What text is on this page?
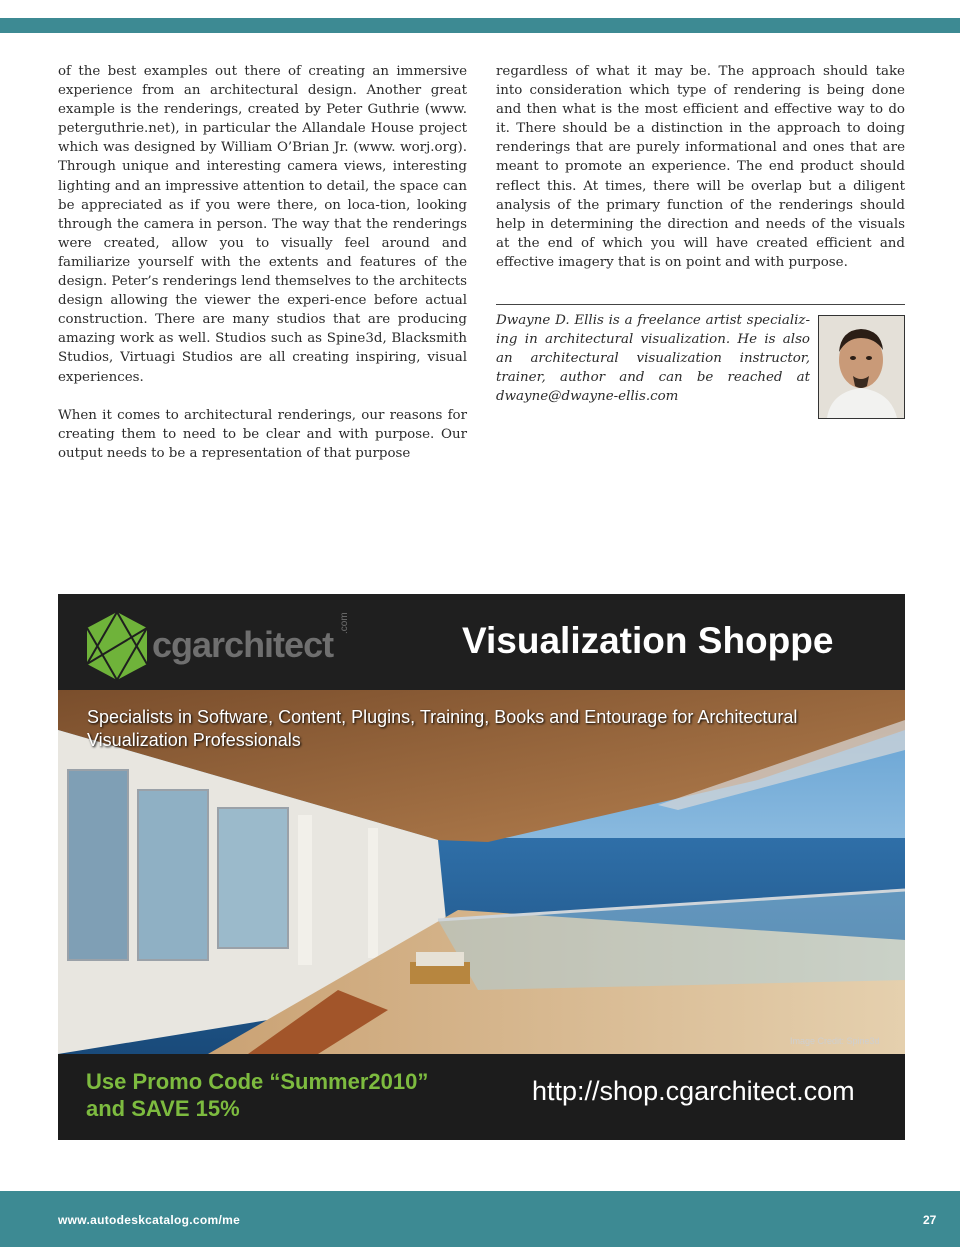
of the best examples out there of creating an immersive experience from an architectural design. Another great example is the renderings, created by Peter Guthrie (www. peterguthrie.net), in particular the Allandale House project which was designed by William O’Brian Jr. (www. worj.org). Through unique and interesting camera views, interesting lighting and an impressive attention to detail, the space can be appreciated as if you were there, on loca-tion, looking through the camera in person. The way that the renderings were created, allow you to visually feel around and familiarize yourself with the extents and features of the design. Peter’s renderings lend themselves to the architects design allowing the viewer the experi-ence before actual construction. There are many studios that are producing amazing work as well. Studios such as Spine3d, Blacksmith Studios, Virtuagi Studios are all creating inspiring, visual experiences.

When it comes to architectural renderings, our reasons for creating them to need to be clear and with purpose. Our output needs to be a representation of that purpose

regardless of what it may be. The approach should take into consideration which type of rendering is being done and then what is the most efficient and effective way to do it. There should be a distinction in the approach to doing renderings that are purely informational and ones that are meant to promote an experience. The end product should reflect this. At times, there will be overlap but a diligent analysis of the primary function of the renderings should help in determining the direction and needs of the visuals at the end of which you will have created efficient and effective imagery that is on point and with purpose.

Dwayne D. Ellis is a freelance artist specializ-ing in architectural visualization. He is also an architectural visualization instructor, trainer, author and can be reached at dwayne@dwayne-ellis.com
cgarchitect
.com	Visualization Shoppe
Specialists in Software, Content, Plugins, Training, Books and Entourage for Architectural Visualization Professionals
Image Credit: Spine3d
Use Promo Code “Summer2010”
and SAVE 15%
http://shop.cgarchitect.com
www.autodeskcatalog.com/me	27
